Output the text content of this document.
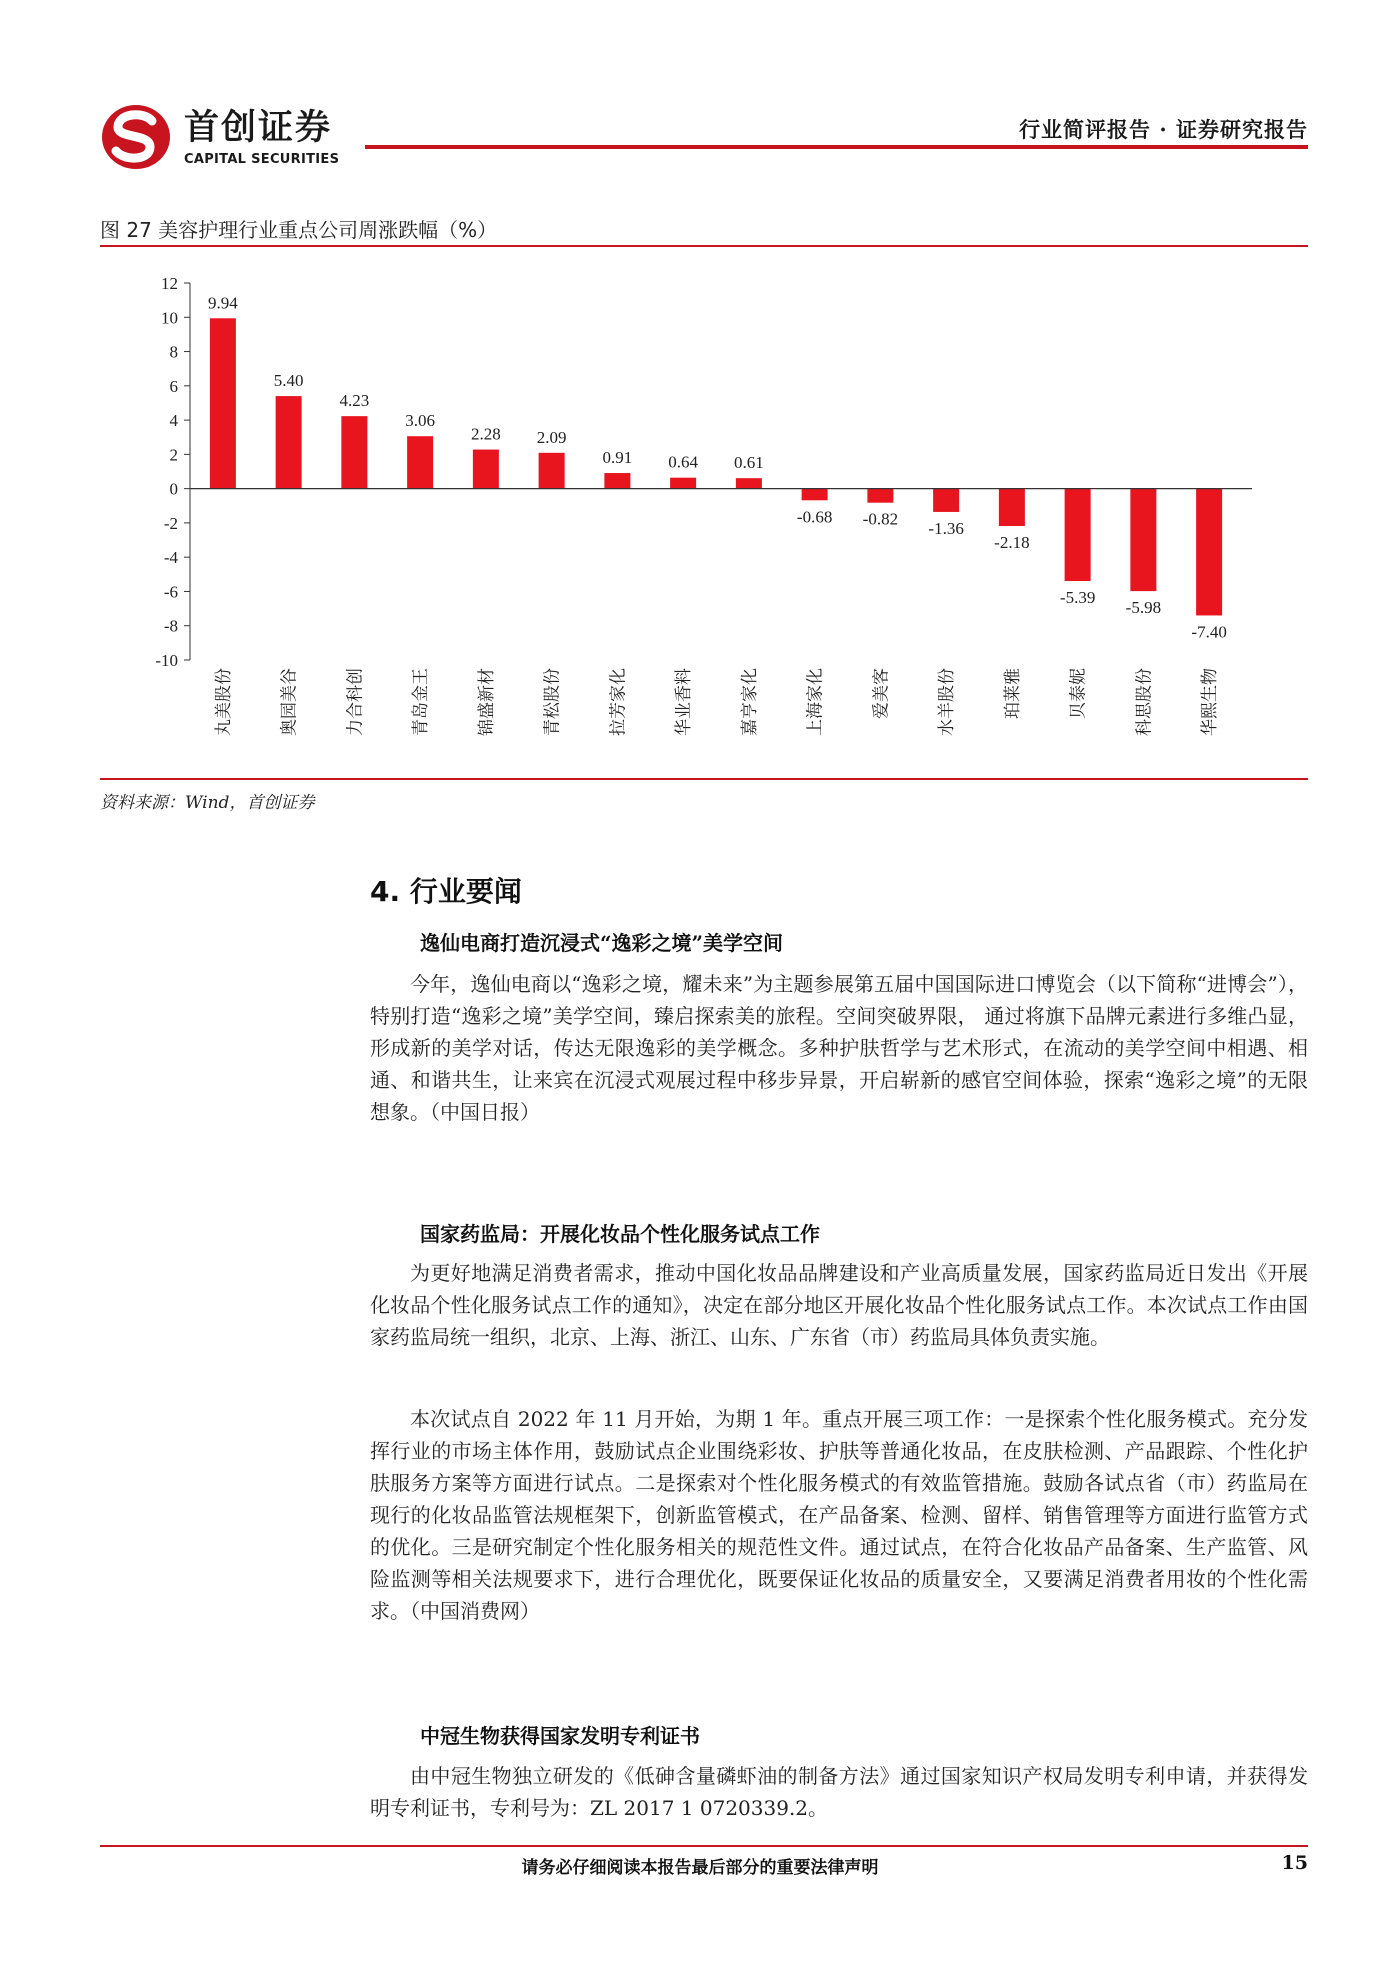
首创证券
CAPITAL SECURITIES
行业简评报告 · 证券研究报告
图 27 美容护理行业重点公司周涨跌幅（%）
12
10
8
6
4
2
0
-2
-4
-6
-8
-10
9.94
5.40
4.23
3.06
2.28 2.09
0.91 0.64 0.61
-0.68 -0.82 -1.36
-2.18
-5.39
-5.98
-7.40
丸美股份	奥园美谷	力合科创	青岛金王	锦盛新材	青松股份	拉芳家化	华业香料	嘉亨家化	上海家化	爱美客	水羊股份	珀莱雅	贝泰妮	科思股份	华熙生物
资料来源：Wind，首创证券
4. 行业要闻
逸仙电商打造沉浸式“逸彩之境”美学空间
今年，逸仙电商以“逸彩之境，耀未来”为主题参展第五届中国国际进口博览会（以下简称“进博会”），特别打造“逸彩之境”美学空间，臻启探索美的旅程。空间突破界限， 通过将旗下品牌元素进行多维凸显，形成新的美学对话，传达无限逸彩的美学概念。多种护肤哲学与艺术形式，在流动的美学空间中相遇、相通、和谐共生，让来宾在沉浸式观展过程中移步异景，开启崭新的感官空间体验，探索“逸彩之境”的无限想象。（中国日报）
国家药监局：开展化妆品个性化服务试点工作
为更好地满足消费者需求，推动中国化妆品品牌建设和产业高质量发展，国家药监局近日发出《开展化妆品个性化服务试点工作的通知》，决定在部分地区开展化妆品个性化服务试点工作。本次试点工作由国家药监局统一组织，北京、上海、浙江、山东、广东省（市）药监局具体负责实施。
本次试点自 2022 年 11 月开始，为期 1 年。重点开展三项工作：一是探索个性化服务模式。充分发挥行业的市场主体作用，鼓励试点企业围绕彩妆、护肤等普通化妆品，在皮肤检测、产品跟踪、个性化护肤服务方案等方面进行试点。二是探索对个性化服务模式的有效监管措施。鼓励各试点省（市）药监局在现行的化妆品监管法规框架下，创新监管模式，在产品备案、检测、留样、销售管理等方面进行监管方式的优化。三是研究制定个性化服务相关的规范性文件。通过试点，在符合化妆品产品备案、生产监管、风险监测等相关法规要求下，进行合理优化，既要保证化妆品的质量安全，又要满足消费者用妆的个性化需求。（中国消费网）
中冠生物获得国家发明专利证书
由中冠生物独立研发的《低砷含量磷虾油的制备方法》通过国家知识产权局发明专利申请，并获得发明专利证书，专利号为：ZL 2017 1 0720339.2。
请务必仔细阅读本报告最后部分的重要法律声明	15
